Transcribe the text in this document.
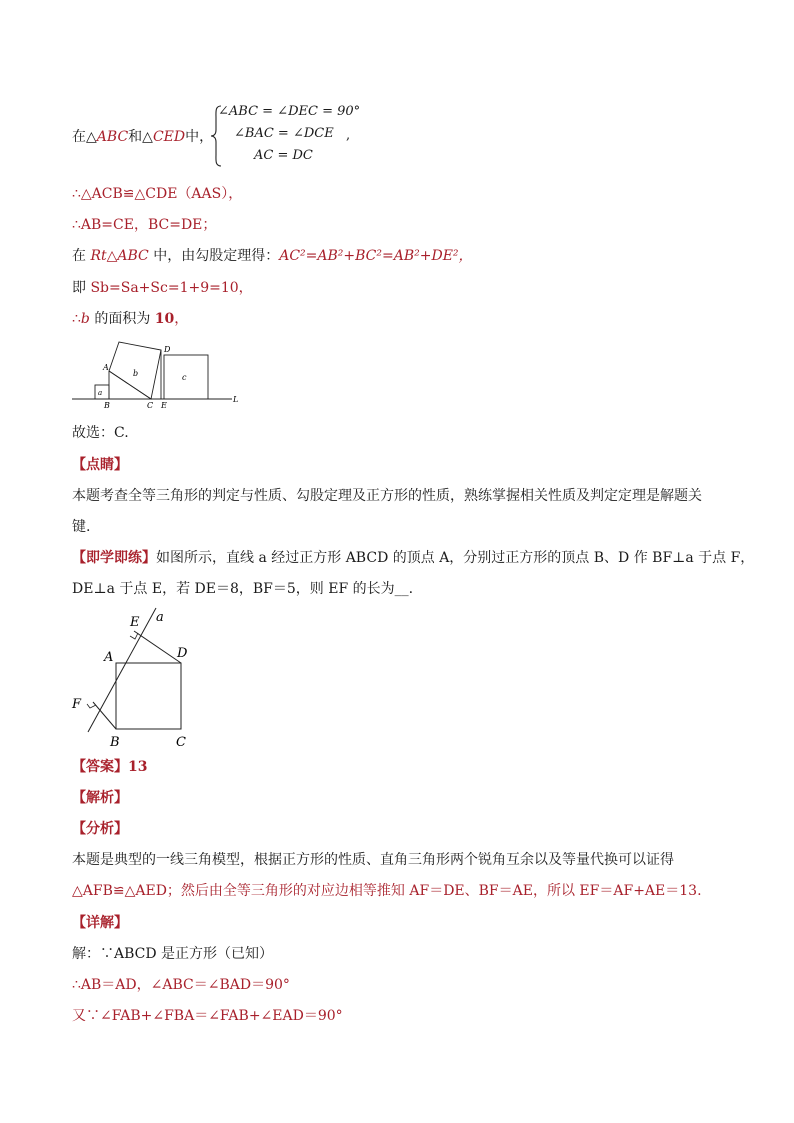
在△ABC和△CED中，
∠ABC = ∠DEC = 90°
∠BAC = ∠DCE
AC = DC
,
∴△ACB≌△CDE（AAS），
∴AB=CE，BC=DE；
在 Rt△ABC 中，由勾股定理得：AC²=AB²+BC²=AB²+DE²，
即 Sb=Sa+Sc=1+9=10，
∴b 的面积为 10，
A
D
b	c
a
B	C E
L
故选：C.
【点睛】
本题考查全等三角形的判定与性质、勾股定理及正方形的性质，熟练掌握相关性质及判定定理是解题关
键.
【即学即练】如图所示，直线 a 经过正方形 ABCD 的顶点 A，分别过正方形的顶点 B、D 作 BF⊥a 于点 F，
DE⊥a 于点 E，若 DE＝8，BF＝5，则 EF 的长为__.
E a
A	D
F
B	C
【答案】13
【解析】
【分析】
本题是典型的一线三角模型，根据正方形的性质、直角三角形两个锐角互余以及等量代换可以证得
△AFB≌△AED；然后由全等三角形的对应边相等推知 AF＝DE、BF＝AE，所以 EF＝AF+AE＝13.
【详解】
解：∵ABCD 是正方形（已知）
∴AB＝AD，∠ABC＝∠BAD＝90°
又∵∠FAB+∠FBA＝∠FAB+∠EAD＝90°
